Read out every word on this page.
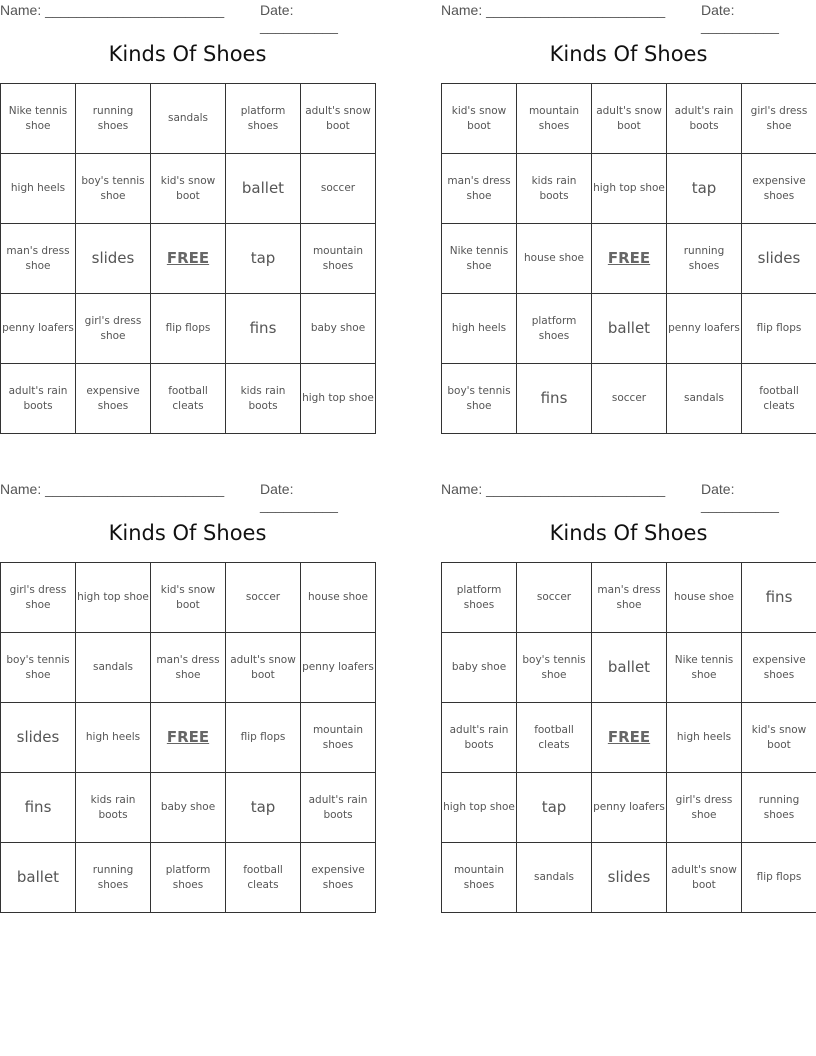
Name: _______________________	Date: __________
Kinds Of Shoes
Nike tennis shoe	running shoes	sandals	platform shoes	adult's snow boot
high heels	boy's tennis shoe	kid's snow boot	ballet	soccer
man's dress shoe	slides	FREE	tap	mountain shoes
penny loafers	girl's dress shoe	flip flops	fins	baby shoe
adult's rain boots	expensive shoes	football cleats	kids rain boots	high top shoe
Name: _______________________	Date: __________
Kinds Of Shoes
kid's snow boot	mountain shoes	adult's snow boot	adult's rain boots	girl's dress shoe
man's dress shoe	kids rain boots	high top shoe	tap	expensive shoes
Nike tennis shoe	house shoe	FREE	running shoes	slides
high heels	platform shoes	ballet	penny loafers	flip flops
boy's tennis shoe	fins	soccer	sandals	football cleats
Name: _______________________	Date: __________
Kinds Of Shoes
girl's dress shoe	high top shoe	kid's snow boot	soccer	house shoe
boy's tennis shoe	sandals	man's dress shoe	adult's snow boot	penny loafers
slides	high heels	FREE	flip flops	mountain shoes
fins	kids rain boots	baby shoe	tap	adult's rain boots
ballet	running shoes	platform shoes	football cleats	expensive shoes
Name: _______________________	Date: __________
Kinds Of Shoes
platform shoes	soccer	man's dress shoe	house shoe	fins
baby shoe	boy's tennis shoe	ballet	Nike tennis shoe	expensive shoes
adult's rain boots	football cleats	FREE	high heels	kid's snow boot
high top shoe	tap	penny loafers	girl's dress shoe	running shoes
mountain shoes	sandals	slides	adult's snow boot	flip flops
